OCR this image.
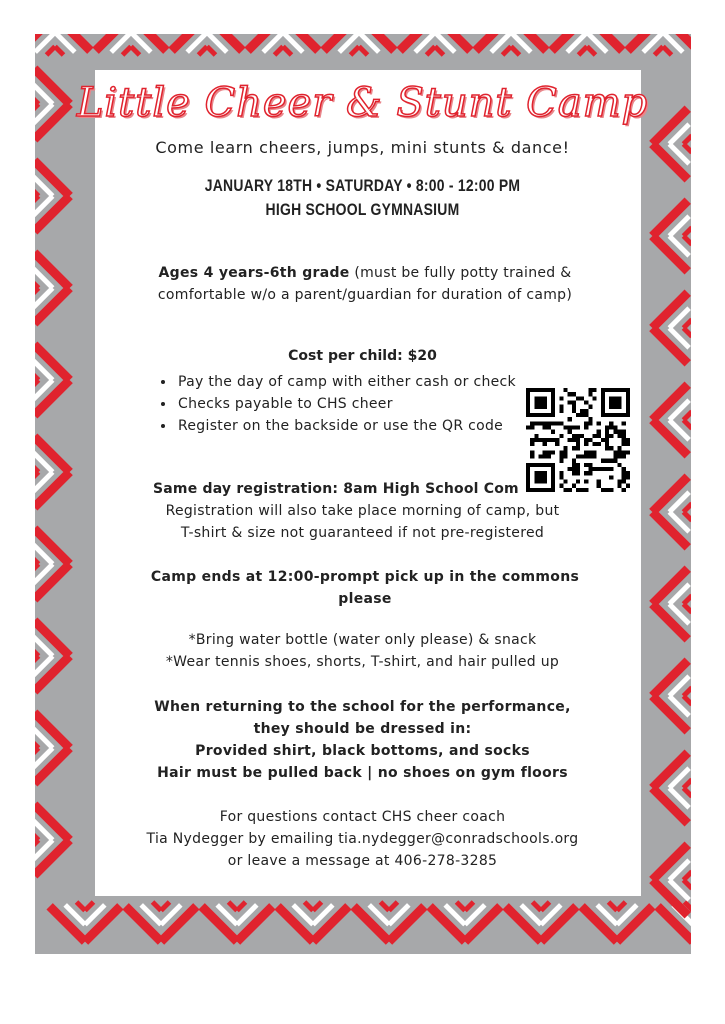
Little Cheer & Stunt Camp
Come learn cheers, jumps, mini stunts & dance!
JANUARY 18TH • SATURDAY • 8:00 - 12:00 PM
HIGH SCHOOL GYMNASIUM
Ages 4 years-6th grade (must be fully potty trained & comfortable w/o a parent/guardian for duration of camp)
Cost per child: $20
• Pay the day of camp with either cash or check
• Checks payable to CHS cheer
• Register on the backside or use the QR code
Same day registration: 8am High School Com
Registration will also take place morning of camp, but
T-shirt & size not guaranteed if not pre-registered
Camp ends at 12:00-prompt pick up in the commons please
*Bring water bottle (water only please) & snack
*Wear tennis shoes, shorts, T-shirt, and hair pulled up
When returning to the school for the performance,
they should be dressed in:
Provided shirt, black bottoms, and socks
Hair must be pulled back | no shoes on gym floors
For questions contact CHS cheer coach
Tia Nydegger by emailing tia.nydegger@conradschools.org
or leave a message at 406-278-3285
